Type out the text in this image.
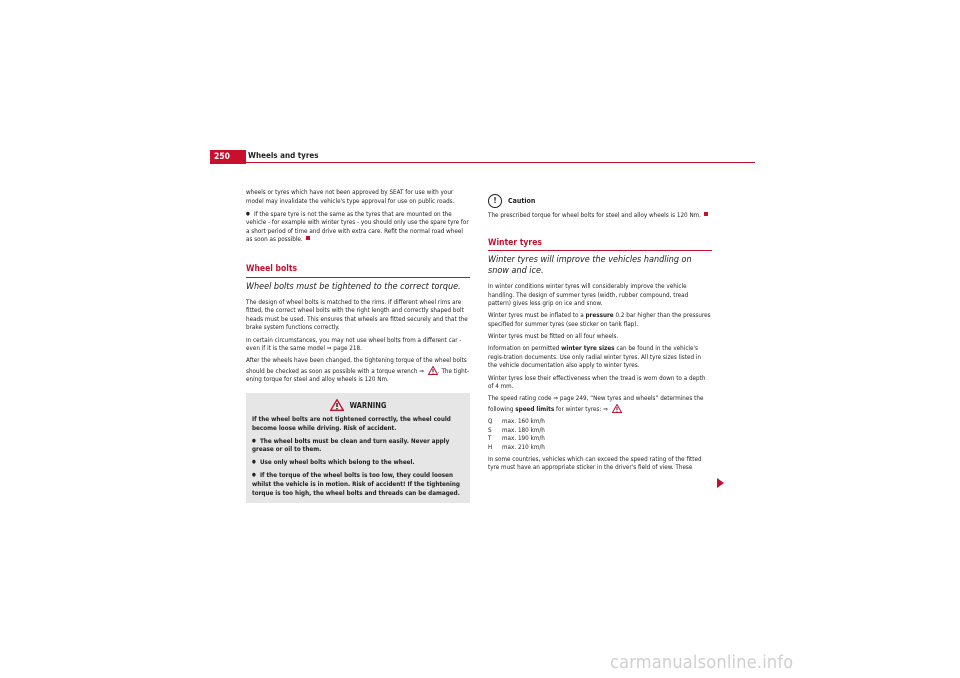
250	Wheels and tyres

wheels or tyres which have not been approved by SEAT for use with your model may invalidate the vehicle's type approval for use on public roads.

● If the spare tyre is not the same as the tyres that are mounted on the vehicle - for example with winter tyres - you should only use the spare tyre for a short period of time and drive with extra care. Refit the normal road wheel as soon as possible.

Wheel bolts
Wheel bolts must be tightened to the correct torque.

The design of wheel bolts is matched to the rims. If different wheel rims are fitted, the correct wheel bolts with the right length and correctly shaped bolt heads must be used. This ensures that wheels are fitted securely and that the brake system functions correctly.

In certain circumstances, you may not use wheel bolts from a different car - even if it is the same model ⇒ page 218.

After the wheels have been changed, the tightening torque of the wheel bolts should be checked as soon as possible with a torque wrench ⇒ . The tight-ening torque for steel and alloy wheels is 120 Nm.

WARNING

If the wheel bolts are not tightened correctly, the wheel could become loose while driving. Risk of accident.

● The wheel bolts must be clean and turn easily. Never apply grease or oil to them.

● Use only wheel bolts which belong to the wheel.

● If the torque of the wheel bolts is too low, they could loosen whilst the vehicle is in motion. Risk of accident! If the tightening torque is too high, the wheel bolts and threads can be damaged.

!	Caution

The prescribed torque for wheel bolts for steel and alloy wheels is 120 Nm.

Winter tyres
Winter tyres will improve the vehicles handling on snow and ice.

In winter conditions winter tyres will considerably improve the vehicle handling. The design of summer tyres (width, rubber compound, tread pattern) gives less grip on ice and snow.

Winter tyres must be inflated to a pressure 0.2 bar higher than the pressures specified for summer tyres (see sticker on tank flap).

Winter tyres must be fitted on all four wheels.

Information on permitted winter tyre sizes can be found in the vehicle's regis-tration documents. Use only radial winter tyres. All tyre sizes listed in the vehicle documentation also apply to winter tyres.

Winter tyres lose their effectiveness when the tread is worn down to a depth of 4 mm.

The speed rating code ⇒ page 249, “New tyres and wheels” determines the following speed limits for winter tyres: ⇒

Q	max. 160 km/h
S	max. 180 km/h
T	max. 190 km/h
H	max. 210 km/h

In some countries, vehicles which can exceed the speed rating of the fitted tyre must have an appropriate sticker in the driver's field of view. These

carmanualsonline.info
